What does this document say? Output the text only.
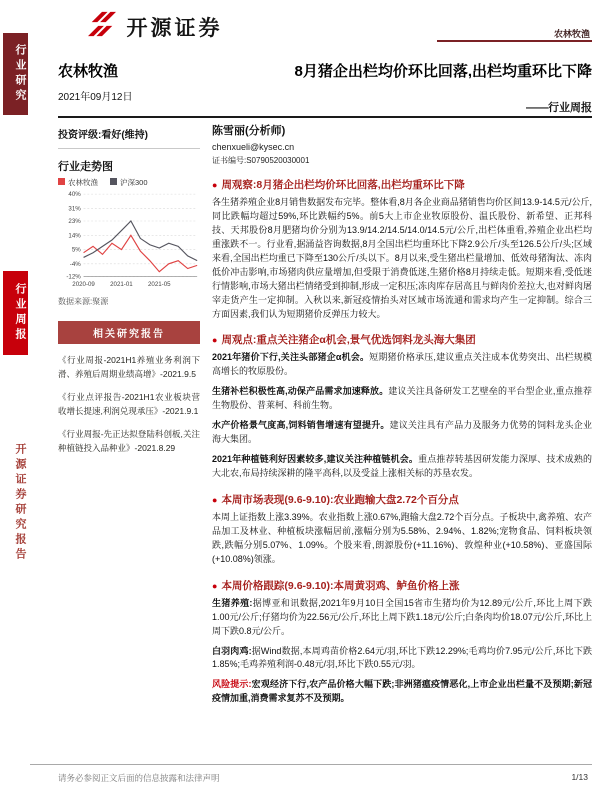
行业研究
行业周报
开源证券研究报告
开源证券	农林牧渔
农林牧渔	8月猪企出栏均价环比回落,出栏均重环比下降
2021年09月12日
——行业周报
投资评级:看好(维持)
行业走势图
农林牧渔	沪深300
40%
31%
23%
14%
5%
-4%
-12%
2020-09 2021-01 2021-05
数据来源:聚源
相关研究报告
《行业周报-2021H1养殖业务利润下滑、养殖后周期业绩高增》-2021.9.5
《行业点评报告-2021H1农业板块营收增长提速,利润兑现承压》-2021.9.1
《行业周报-先正达拟登陆科创板,关注种植链投入品种业》-2021.8.29
陈雪丽(分析师)
chenxueli@kysec.cn
证书编号:S0790520030001
● 周观察:8月猪企出栏均价环比回落,出栏均重环比下降
各生猪养殖企业8月销售数据发布完毕。整体看,8月各企业商品猪销售均价区间13.9-14.5元/公斤,同比跌幅均超过59%,环比跌幅约5%。前5大上市企业牧原股份、温氏股份、新希望、正邦科技、天邦股份8月肥猪均价分别为13.9/14.2/14.5/14.0/14.5元/公斤,出栏体重看,养殖企业出栏均重涨跌不一。行业看,据涌益咨询数据,8月全国出栏均重环比下降2.9公斤/头至126.5公斤/头;区域来看,全国出栏均重已下降至130公斤/头以下。8月以来,受生猪出栏量增加、低效母猪淘汰、冻肉低价冲击影响,市场猪肉供应量增加,但受限于消费低迷,生猪价格8月持续走低。短期来看,受低迷行情影响,市场大猪出栏情绪受到抑制,形成一定积压;冻肉库存居高且与鲜肉价差拉大,也对鲜肉屠宰走货产生一定抑制。入秋以来,新冠疫情抬头对区域市场流通和需求均产生一定抑制。综合三方面因素,我们认为短期猪价反弹压力较大。
● 周观点:重点关注猪企α机会,景气优选饲料龙头海大集团
2021年猪价下行,关注头部猪企α机会。短期猪价格承压,建议重点关注成本优势突出、出栏规模高增长的牧原股份。
生猪补栏积极性高,动保产品需求加速释放。建议关注具备研发工艺壁垒的平台型企业,重点推荐生物股份、普莱柯、科前生物。
水产价格景气度高,饲料销售增速有望提升。建议关注具有产品力及服务力优势的饲料龙头企业海大集团。
2021年种植链利好因素较多,建议关注种植链机会。重点推荐转基因研发能力深厚、技术成熟的大北农,布局持续深耕的隆平高科,以及受益上涨相关标的苏垦农发。
● 本周市场表现(9.6-9.10):农业跑输大盘2.72个百分点
本周上证指数上涨3.39%。农业指数上涨0.67%,跑输大盘2.72个百分点。子板块中,禽养殖、农产品加工及林业、种植板块涨幅居前,涨幅分别为5.58%、2.94%、1.82%;宠物食品、饲料板块领跌,跌幅分别5.07%、1.09%。个股来看,朗源股份(+11.16%)、敦煌种业(+10.58%)、亚盛国际(+10.08%)领涨。
● 本周价格跟踪(9.6-9.10):本周黄羽鸡、鲈鱼价格上涨
生猪养殖:据博亚和讯数据,2021年9月10日全国15省市生猪均价为12.89元/公斤,环比上周下跌1.00元/公斤;仔猪均价为22.56元/公斤,环比上周下跌1.18元/公斤;白条肉均价18.07元/公斤,环比上周下跌0.8元/公斤。
白羽肉鸡:据Wind数据,本周鸡苗价格2.64元/羽,环比下跌12.29%;毛鸡均价7.95元/公斤,环比下跌1.85%;毛鸡养殖利润-0.48元/羽,环比下跌0.55元/羽。
风险提示:宏观经济下行,农产品价格大幅下跌;非洲猪瘟疫情恶化,上市企业出栏量不及预期;新冠疫情加重,消费需求复苏不及预期。
请务必参阅正文后面的信息披露和法律声明	1/13
